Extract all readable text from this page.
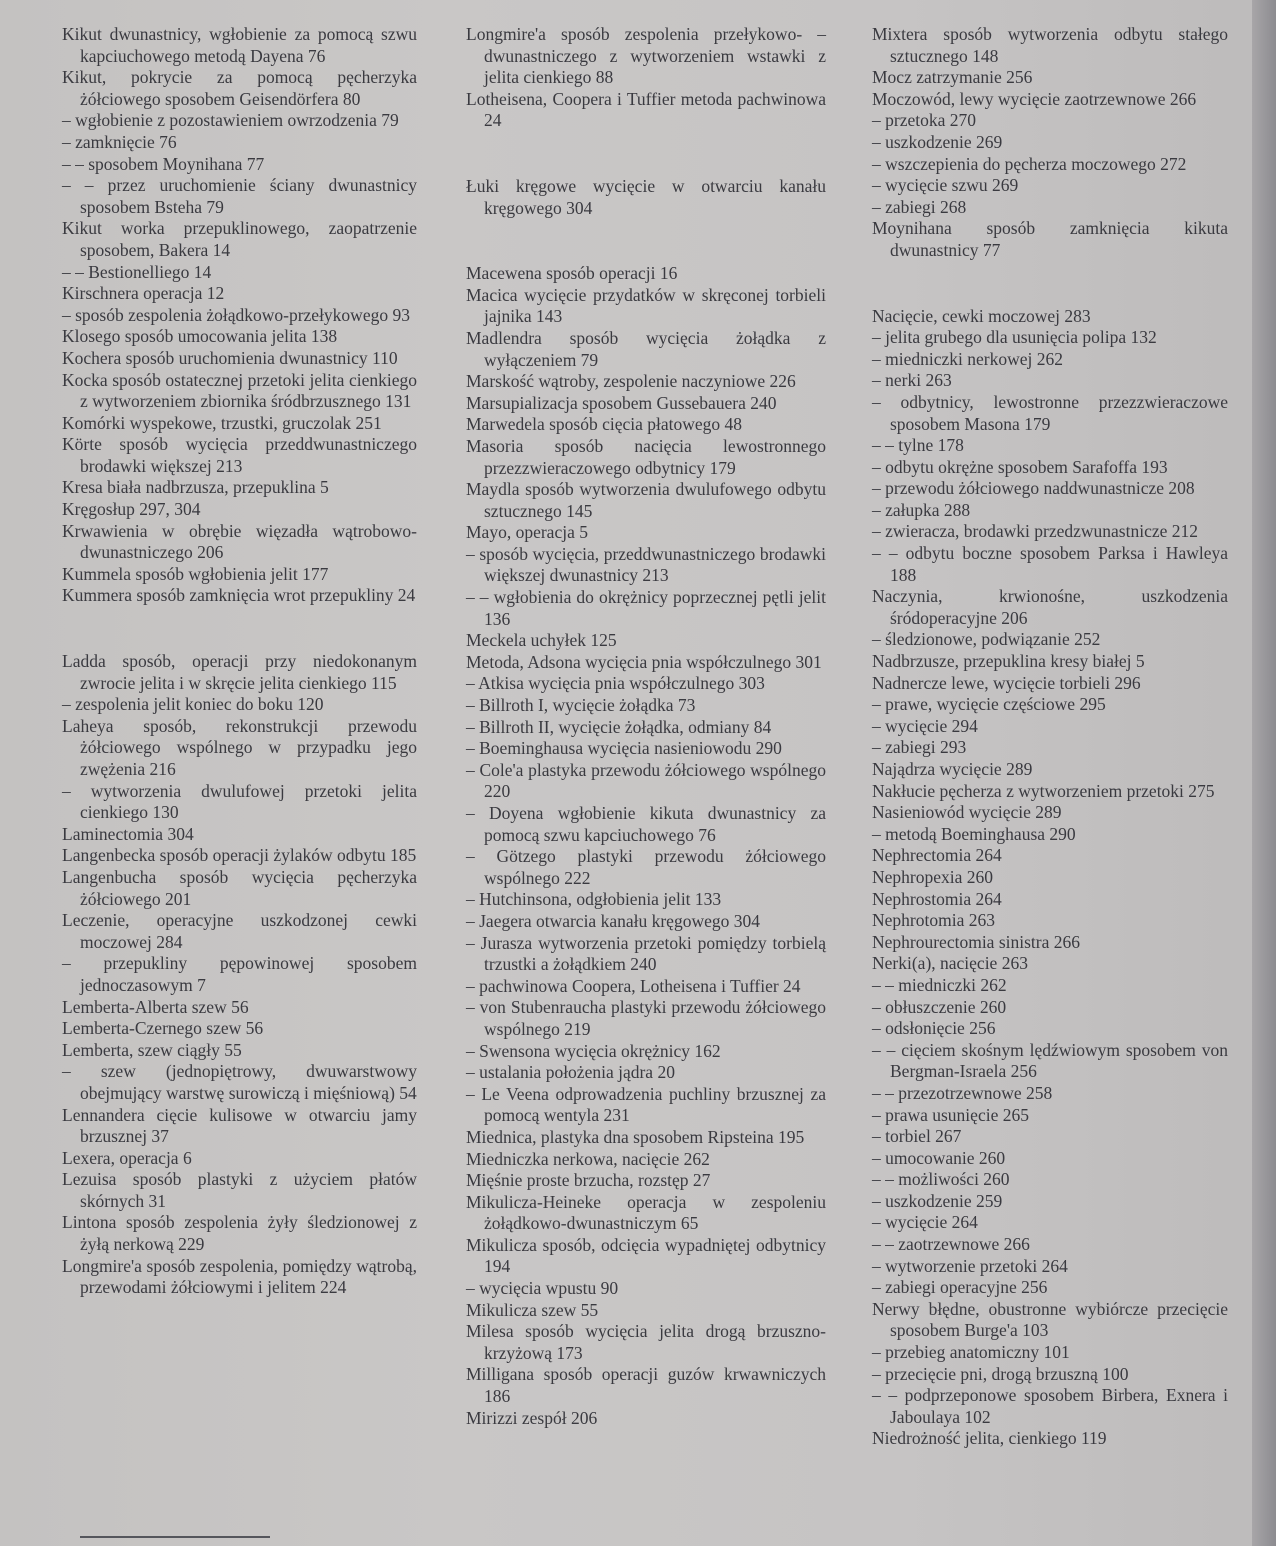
Kikut dwunastnicy, wgłobienie za pomocą szwu kapciuchowego metodą Dayena 76
Kikut, pokrycie za pomocą pęcherzyka żółciowego sposobem Geisendörfera 80
– wgłobienie z pozostawieniem owrzodzenia 79
– zamknięcie 76
– – sposobem Moynihana 77
– – przez uruchomienie ściany dwunastnicy sposobem Bsteha 79
Kikut worka przepuklinowego, zaopatrzenie sposobem, Bakera 14
– – Bestionelliego 14
Kirschnera operacja 12
– sposób zespolenia żołądkowo-przełykowego 93
Klosego sposób umocowania jelita 138
Kochera sposób uruchomienia dwunastnicy 110
Kocka sposób ostatecznej przetoki jelita cienkiego z wytworzeniem zbiornika śródbrzusznego 131
Komórki wyspekowe, trzustki, gruczolak 251
Körte sposób wycięcia przeddwunastniczego brodawki większej 213
Kresa biała nadbrzusza, przepuklina 5
Kręgosłup 297, 304
Krwawienia w obrębie więzadła wątrobowo-dwunastniczego 206
Kummela sposób wgłobienia jelit 177
Kummera sposób zamknięcia wrot przepukliny 24
Ladda sposób, operacji przy niedokonanym zwrocie jelita i w skręcie jelita cienkiego 115
– zespolenia jelit koniec do boku 120
Laheya sposób, rekonstrukcji przewodu żółciowego wspólnego w przypadku jego zwężenia 216
– wytworzenia dwulufowej przetoki jelita cienkiego 130
Laminectomia 304
Langenbecka sposób operacji żylaków odbytu 185
Langenbucha sposób wycięcia pęcherzyka żółciowego 201
Leczenie, operacyjne uszkodzonej cewki moczowej 284
– przepukliny pępowinowej sposobem jednoczasowym 7
Lemberta-Alberta szew 56
Lemberta-Czernego szew 56
Lemberta, szew ciągły 55
– szew (jednopiętrowy, dwuwarstwowy obejmujący warstwę surowiczą i mięśniową) 54
Lennandera cięcie kulisowe w otwarciu jamy brzusznej 37
Lexera, operacja 6
Lezuisa sposób plastyki z użyciem płatów skórnych 31
Lintona sposób zespolenia żyły śledzionowej z żyłą nerkową 229
Longmire'a sposób zespolenia, pomiędzy wątrobą, przewodami żółciowymi i jelitem 224
Longmire'a sposób zespolenia przełykowo- – dwunastniczego z wytworzeniem wstawki z jelita cienkiego 88
Lotheisena, Coopera i Tuffier metoda pachwinowa 24
Łuki kręgowe wycięcie w otwarciu kanału kręgowego 304
Macewena sposób operacji 16
Macica wycięcie przydatków w skręconej torbieli jajnika 143
Madlendra sposób wycięcia żołądka z wyłączeniem 79
Marskość wątroby, zespolenie naczyniowe 226
Marsupializacja sposobem Gussebauera 240
Marwedela sposób cięcia płatowego 48
Masoria sposób nacięcia lewostronnego przezzwieraczowego odbytnicy 179
Maydla sposób wytworzenia dwulufowego odbytu sztucznego 145
Mayo, operacja 5
– sposób wycięcia, przeddwunastniczego brodawki większej dwunastnicy 213
– – wgłobienia do okrężnicy poprzecznej pętli jelit 136
Meckela uchyłek 125
Metoda, Adsona wycięcia pnia współczulnego 301
– Atkisa wycięcia pnia współczulnego 303
– Billroth I, wycięcie żołądka 73
– Billroth II, wycięcie żołądka, odmiany 84
– Boeminghausa wycięcia nasieniowodu 290
– Cole'a plastyka przewodu żółciowego wspólnego 220
– Doyena wgłobienie kikuta dwunastnicy za pomocą szwu kapciuchowego 76
– Götzego plastyki przewodu żółciowego wspólnego 222
– Hutchinsona, odgłobienia jelit 133
– Jaegera otwarcia kanału kręgowego 304
– Jurasza wytworzenia przetoki pomiędzy torbielą trzustki a żołądkiem 240
– pachwinowa Coopera, Lotheisena i Tuffier 24
– von Stubenraucha plastyki przewodu żółciowego wspólnego 219
– Swensona wycięcia okrężnicy 162
– ustalania położenia jądra 20
– Le Veena odprowadzenia puchliny brzusznej za pomocą wentyla 231
Miednica, plastyka dna sposobem Ripsteina 195
Miedniczka nerkowa, nacięcie 262
Mięśnie proste brzucha, rozstęp 27
Mikulicza-Heineke operacja w zespoleniu żołądkowo-dwunastniczym 65
Mikulicza sposób, odcięcia wypadniętej odbytnicy 194
– wycięcia wpustu 90
Mikulicza szew 55
Milesa sposób wycięcia jelita drogą brzuszno-krzyżową 173
Milligana sposób operacji guzów krwawniczych 186
Mirizzi zespół 206
Mixtera sposób wytworzenia odbytu stałego sztucznego 148
Mocz zatrzymanie 256
Moczowód, lewy wycięcie zaotrzewnowe 266
– przetoka 270
– uszkodzenie 269
– wszczepienia do pęcherza moczowego 272
– wycięcie szwu 269
– zabiegi 268
Moynihana sposób zamknięcia kikuta dwunastnicy 77
Nacięcie, cewki moczowej 283
– jelita grubego dla usunięcia polipa 132
– miedniczki nerkowej 262
– nerki 263
– odbytnicy, lewostronne przezzwieraczowe sposobem Masona 179
– – tylne 178
– odbytu okrężne sposobem Sarafoffa 193
– przewodu żółciowego naddwunastnicze 208
– załupka 288
– zwieracza, brodawki przedzwunastnicze 212
– – odbytu boczne sposobem Parksa i Hawleya 188
Naczynia, krwionośne, uszkodzenia śródoperacyjne 206
– śledzionowe, podwiązanie 252
Nadbrzusze, przepuklina kresy białej 5
Nadnercze lewe, wycięcie torbieli 296
– prawe, wycięcie częściowe 295
– wycięcie 294
– zabiegi 293
Najądrza wycięcie 289
Nakłucie pęcherza z wytworzeniem przetoki 275
Nasieniowód wycięcie 289
– metodą Boeminghausa 290
Nephrectomia 264
Nephropexia 260
Nephrostomia 264
Nephrotomia 263
Nephrourectomia sinistra 266
Nerki(a), nacięcie 263
– – miedniczki 262
– obłuszczenie 260
– odsłonięcie 256
– – cięciem skośnym lędźwiowym sposobem von Bergman-Israela 256
– – przezotrzewnowe 258
– prawa usunięcie 265
– torbiel 267
– umocowanie 260
– – możliwości 260
– uszkodzenie 259
– wycięcie 264
– – zaotrzewnowe 266
– wytworzenie przetoki 264
– zabiegi operacyjne 256
Nerwy błędne, obustronne wybiórcze przecięcie sposobem Burge'a 103
– przebieg anatomiczny 101
– przecięcie pni, drogą brzuszną 100
– – podprzeponowe sposobem Birbera, Exnera i Jaboulaya 102
Niedrożność jelita, cienkiego 119
